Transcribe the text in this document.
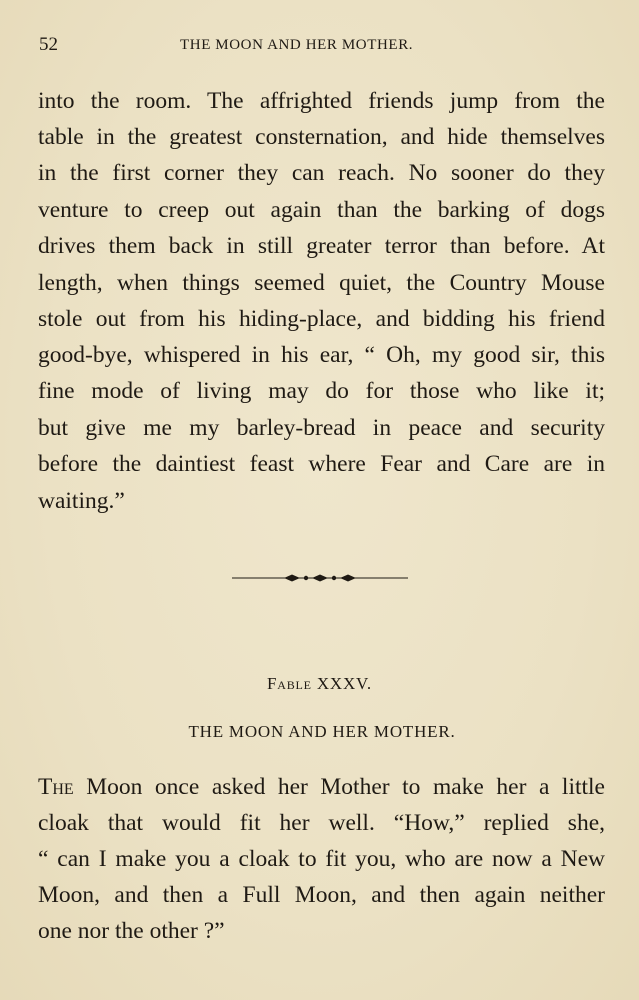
52	THE MOON AND HER MOTHER.
into the room. The affrighted friends jump from the
table in the greatest consternation, and hide themselves
in the first corner they can reach. No sooner do they
venture to creep out again than the barking of dogs
drives them back in still greater terror than before. At
length, when things seemed quiet, the Country Mouse
stole out from his hiding-place, and bidding his friend
good-bye, whispered in his ear, “ Oh, my good sir, this
fine mode of living may do for those who like it;
but give me my barley-bread in peace and security
before the daintiest feast where Fear and Care are in
waiting.”
Fable XXXV.
THE MOON AND HER MOTHER.
The Moon once asked her Mother to make her a little
cloak that would fit her well. “How,” replied she,
“ can I make you a cloak to fit you, who are now a New
Moon, and then a Full Moon, and then again neither
one nor the other ?”
